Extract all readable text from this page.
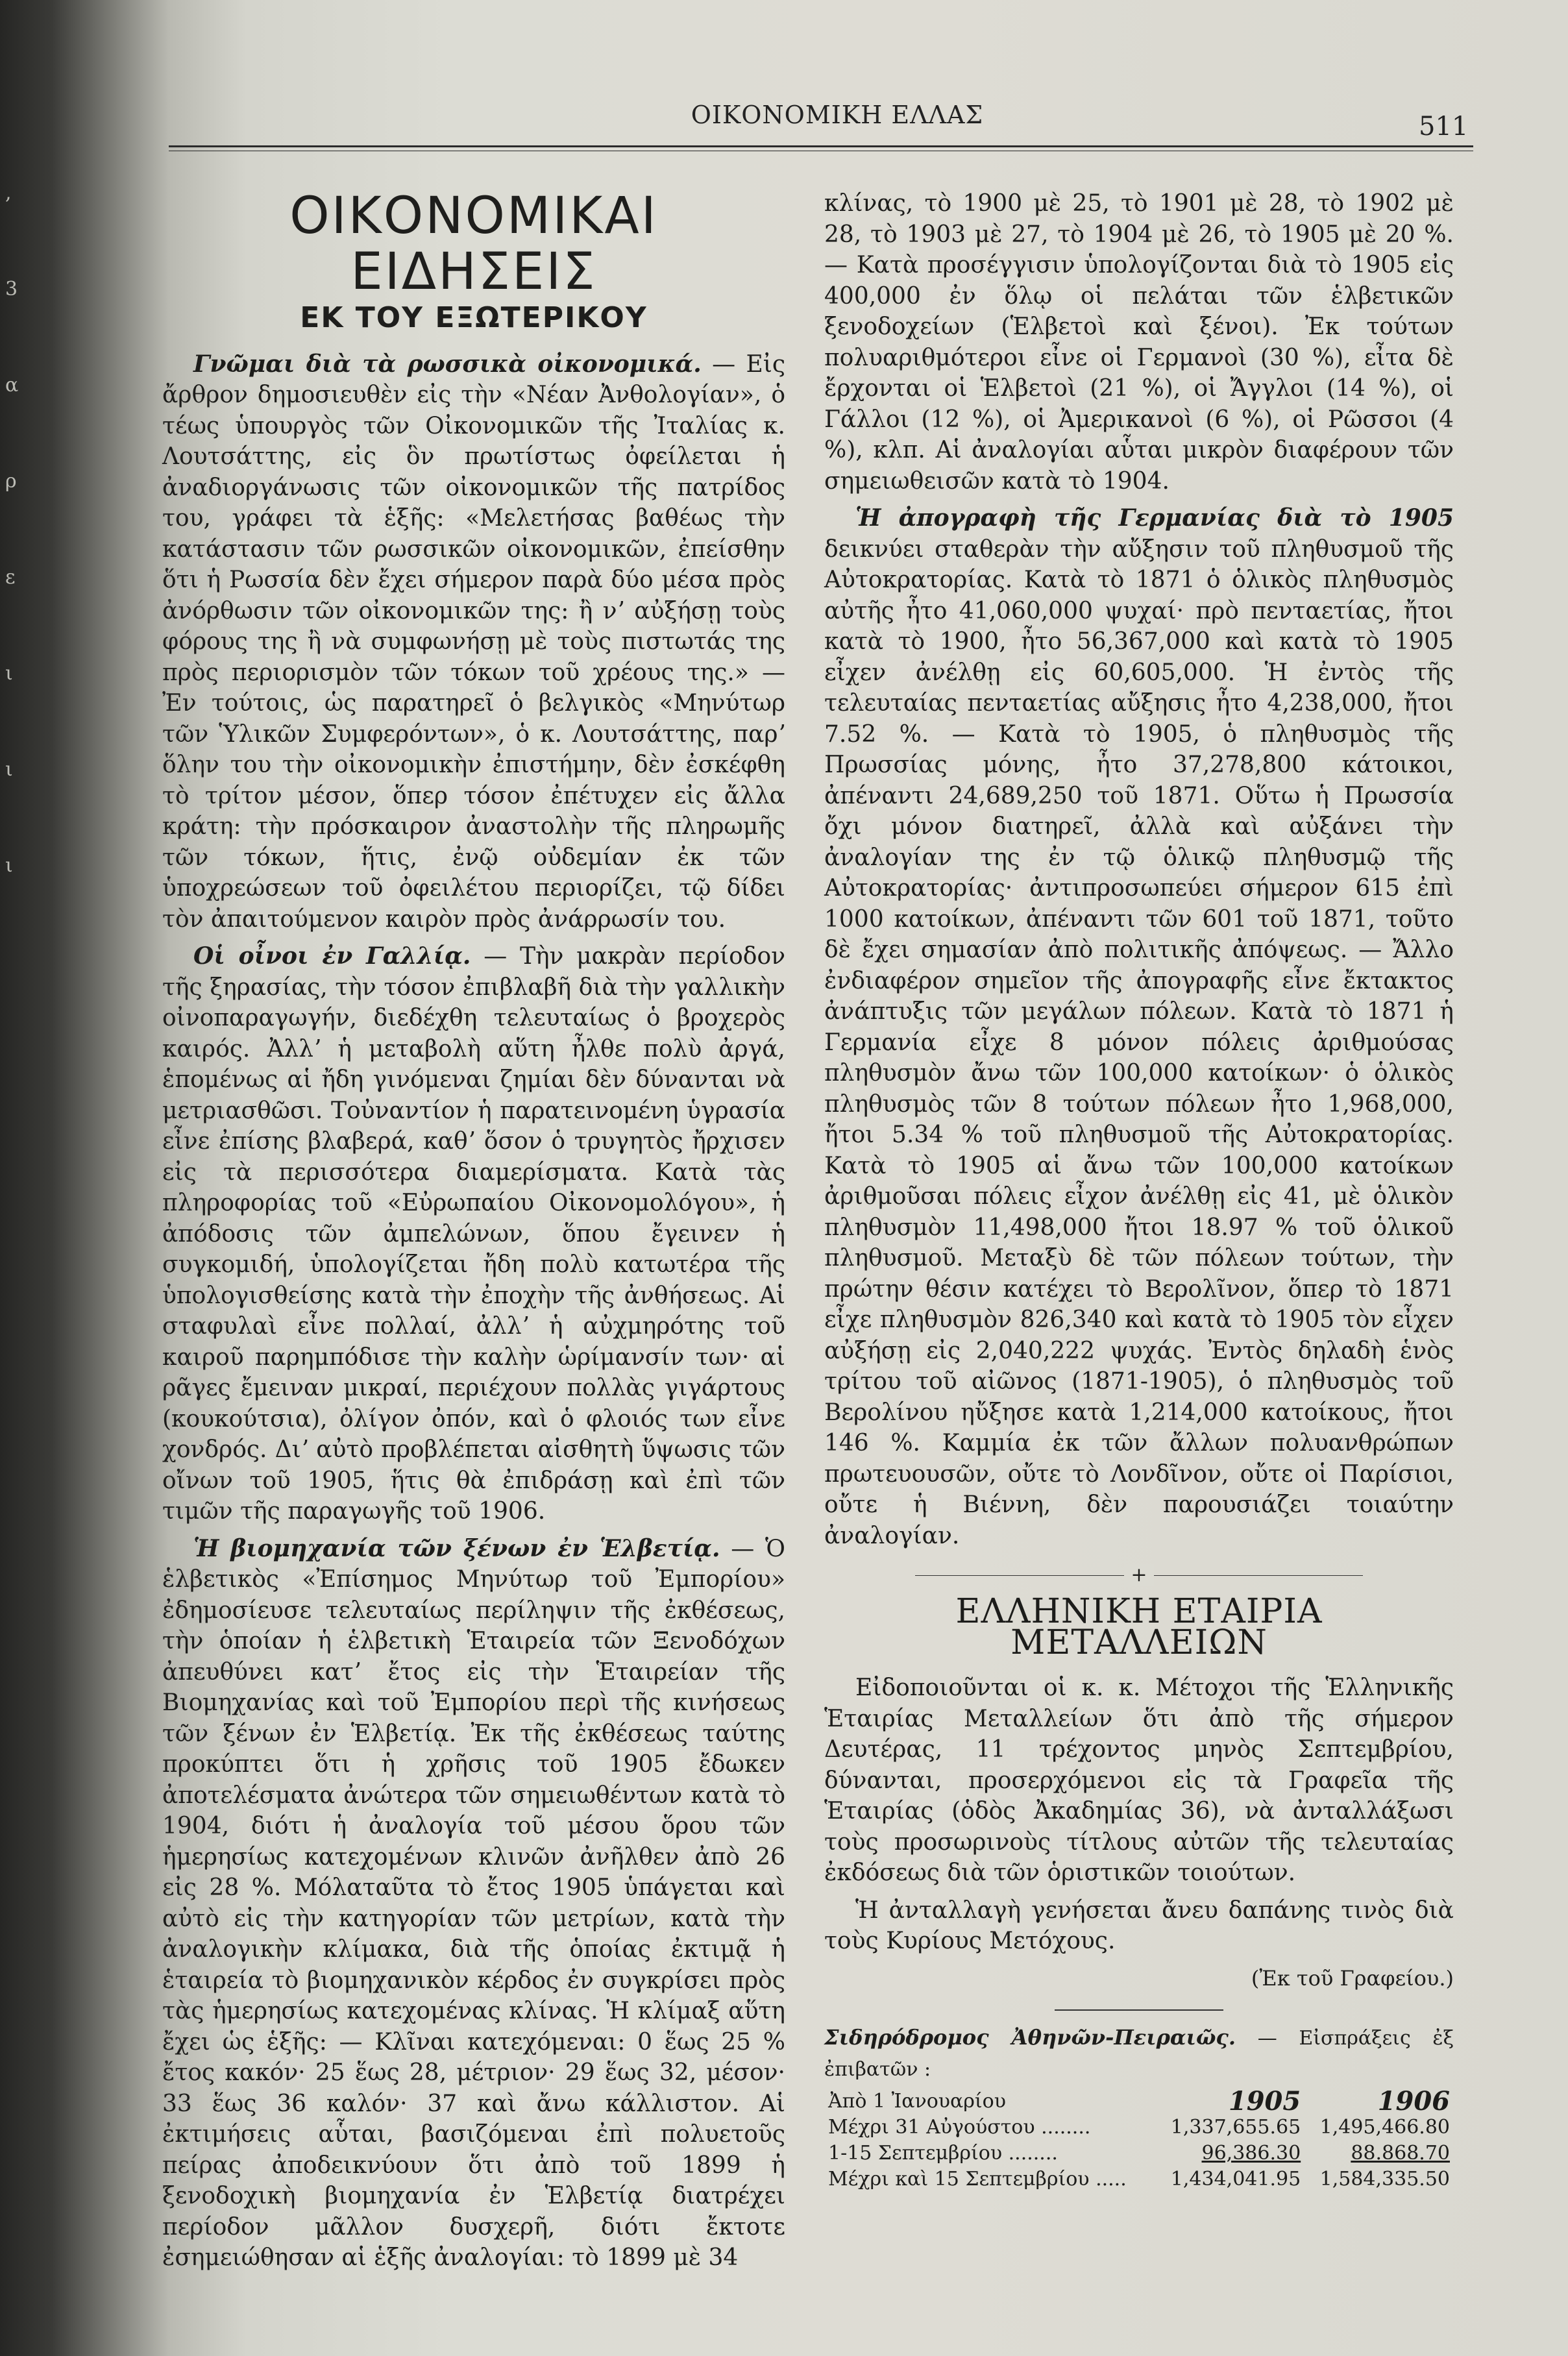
,
3
α
ρ
ε
ι
ι
ι
ΟΙΚΟΝΟΜΙΚΗ ΕΛΛΑΣ	511
ΟΙΚΟΝΟΜΙΚΑΙ ΕΙΔΗΣΕΙΣ
ΕΚ ΤΟΥ ΕΞΩΤΕΡΙΚΟΥ

Γνῶμαι διὰ τὰ ρωσσικὰ οἰκονομικά. — Εἰς ἄρθρον δημοσιευθὲν εἰς τὴν «Νέαν Ἀνθολογίαν», ὁ τέως ὑπουργὸς τῶν Οἰκονομικῶν τῆς Ἰταλίας κ. Λουτσάττης, εἰς ὃν πρωτίστως ὀφείλεται ἡ ἀναδιοργάνωσις τῶν οἰκονομικῶν τῆς πατρίδος του, γράφει τὰ ἑξῆς: «Μελετήσας βαθέως τὴν κατάστασιν τῶν ρωσσικῶν οἰκονομικῶν, ἐπείσθην ὅτι ἡ Ρωσσία δὲν ἔχει σήμερον παρὰ δύο μέσα πρὸς ἀνόρθωσιν τῶν οἰκονομικῶν της: ἢ νʼ αὐξήσῃ τοὺς φόρους της ἢ νὰ συμφωνήσῃ μὲ τοὺς πιστωτάς της πρὸς περιορισμὸν τῶν τόκων τοῦ χρέους της.» — Ἐν τούτοις, ὡς παρατηρεῖ ὁ βελγικὸς «Μηνύτωρ τῶν Ὑλικῶν Συμφερόντων», ὁ κ. Λουτσάττης, παρʼ ὅλην του τὴν οἰκονομικὴν ἐπιστήμην, δὲν ἐσκέφθη τὸ τρίτον μέσον, ὅπερ τόσον ἐπέτυχεν εἰς ἄλλα κράτη: τὴν πρόσκαιρον ἀναστολὴν τῆς πληρωμῆς τῶν τόκων, ἥτις, ἐνῷ οὐδεμίαν ἐκ τῶν ὑποχρεώσεων τοῦ ὀφειλέτου περιορίζει, τῷ δίδει τὸν ἀπαιτούμενον καιρὸν πρὸς ἀνάρρωσίν του.

Οἱ οἶνοι ἐν Γαλλίᾳ. — Τὴν μακρὰν περίοδον τῆς ξηρασίας, τὴν τόσον ἐπιβλαβῆ διὰ τὴν γαλλικὴν οἰνοπαραγωγήν, διεδέχθη τελευταίως ὁ βροχερὸς καιρός. Ἀλλʼ ἡ μεταβολὴ αὕτη ἦλθε πολὺ ἀργά, ἑπομένως αἱ ἤδη γινόμεναι ζημίαι δὲν δύνανται νὰ μετριασθῶσι. Τοὐναντίον ἡ παρατεινομένη ὑγρασία εἶνε ἐπίσης βλαβερά, καθʼ ὅσον ὁ τρυγητὸς ἤρχισεν εἰς τὰ περισσότερα διαμερίσματα. Κατὰ τὰς πληροφορίας τοῦ «Εὐρωπαίου Οἰκονομολόγου», ἡ ἀπόδοσις τῶν ἀμπελώνων, ὅπου ἔγεινεν ἡ συγκομιδή, ὑπολογίζεται ἤδη πολὺ κατωτέρα τῆς ὑπολογισθείσης κατὰ τὴν ἐποχὴν τῆς ἀνθήσεως. Αἱ σταφυλαὶ εἶνε πολλαί, ἀλλʼ ἡ αὐχμηρότης τοῦ καιροῦ παρημπόδισε τὴν καλὴν ὡρίμανσίν των· αἱ ρᾶγες ἔμειναν μικραί, περιέχουν πολλὰς γιγάρτους (κουκούτσια), ὀλίγον ὀπόν, καὶ ὁ φλοιός των εἶνε χονδρός. Διʼ αὐτὸ προβλέπεται αἰσθητὴ ὕψωσις τῶν οἴνων τοῦ 1905, ἥτις θὰ ἐπιδράσῃ καὶ ἐπὶ τῶν τιμῶν τῆς παραγωγῆς τοῦ 1906.

Ἡ βιομηχανία τῶν ξένων ἐν Ἑλβετίᾳ. — Ὁ ἑλβετικὸς «Ἐπίσημος Μηνύτωρ τοῦ Ἐμπορίου» ἐδημοσίευσε τελευταίως περίληψιν τῆς ἐκθέσεως, τὴν ὁποίαν ἡ ἑλβετικὴ Ἑταιρεία τῶν Ξενοδόχων ἀπευθύνει κατʼ ἔτος εἰς τὴν Ἑταιρείαν τῆς Βιομηχανίας καὶ τοῦ Ἐμπορίου περὶ τῆς κινήσεως τῶν ξένων ἐν Ἑλβετίᾳ. Ἐκ τῆς ἐκθέσεως ταύτης προκύπτει ὅτι ἡ χρῆσις τοῦ 1905 ἔδωκεν ἀποτελέσματα ἀνώτερα τῶν σημειωθέντων κατὰ τὸ 1904, διότι ἡ ἀναλογία τοῦ μέσου ὅρου τῶν ἡμερησίως κατεχομένων κλινῶν ἀνῆλθεν ἀπὸ 26 εἰς 28 %. Μόλαταῦτα τὸ ἔτος 1905 ὑπάγεται καὶ αὐτὸ εἰς τὴν κατηγορίαν τῶν μετρίων, κατὰ τὴν ἀναλογικὴν κλίμακα, διὰ τῆς ὁποίας ἐκτιμᾷ ἡ ἑταιρεία τὸ βιομηχανικὸν κέρδος ἐν συγκρίσει πρὸς τὰς ἡμερησίως κατεχομένας κλίνας. Ἡ κλίμαξ αὕτη ἔχει ὡς ἑξῆς: — Κλῖναι κατεχόμεναι: 0 ἕως 25 % ἔτος κακόν· 25 ἕως 28, μέτριον· 29 ἕως 32, μέσον· 33 ἕως 36 καλόν· 37 καὶ ἄνω κάλλιστον. Αἱ ἐκτιμήσεις αὗται, βασιζόμεναι ἐπὶ πολυετοῦς πείρας ἀποδεικνύουν ὅτι ἀπὸ τοῦ 1899 ἡ ξενοδοχικὴ βιομηχανία ἐν Ἑλβετίᾳ διατρέχει περίοδον μᾶλλον δυσχερῆ, διότι ἔκτοτε ἐσημειώθησαν αἱ ἑξῆς ἀναλογίαι: τὸ 1899 μὲ 34

κλίνας, τὸ 1900 μὲ 25, τὸ 1901 μὲ 28, τὸ 1902 μὲ 28, τὸ 1903 μὲ 27, τὸ 1904 μὲ 26, τὸ 1905 μὲ 20 %. — Κατὰ προσέγγισιν ὑπολογίζονται διὰ τὸ 1905 εἰς 400,000 ἐν ὅλῳ οἱ πελάται τῶν ἑλβετικῶν ξενοδοχείων (Ἑλβετοὶ καὶ ξένοι). Ἐκ τούτων πολυαριθμότεροι εἶνε οἱ Γερμανοὶ (30 %), εἶτα δὲ ἔρχονται οἱ Ἑλβετοὶ (21 %), οἱ Ἄγγλοι (14 %), οἱ Γάλλοι (12 %), οἱ Ἀμερικανοὶ (6 %), οἱ Ρῶσσοι (4 %), κλπ. Αἱ ἀναλογίαι αὗται μικρὸν διαφέρουν τῶν σημειωθεισῶν κατὰ τὸ 1904.

Ἡ ἀπογραφὴ τῆς Γερμανίας διὰ τὸ 1905 δεικνύει σταθερὰν τὴν αὔξησιν τοῦ πληθυσμοῦ τῆς Αὐτοκρατορίας. Κατὰ τὸ 1871 ὁ ὁλικὸς πληθυσμὸς αὐτῆς ἦτο 41,060,000 ψυχαί· πρὸ πενταετίας, ἤτοι κατὰ τὸ 1900, ἦτο 56,367,000 καὶ κατὰ τὸ 1905 εἶχεν ἀνέλθῃ εἰς 60,605,000. Ἡ ἐντὸς τῆς τελευταίας πενταετίας αὔξησις ἦτο 4,238,000, ἤτοι 7.52 %. — Κατὰ τὸ 1905, ὁ πληθυσμὸς τῆς Πρωσσίας μόνης, ἦτο 37,278,800 κάτοικοι, ἀπέναντι 24,689,250 τοῦ 1871. Οὕτω ἡ Πρωσσία ὄχι μόνον διατηρεῖ, ἀλλὰ καὶ αὐξάνει τὴν ἀναλογίαν της ἐν τῷ ὁλικῷ πληθυσμῷ τῆς Αὐτοκρατορίας· ἀντιπροσωπεύει σήμερον 615 ἐπὶ 1000 κατοίκων, ἀπέναντι τῶν 601 τοῦ 1871, τοῦτο δὲ ἔχει σημασίαν ἀπὸ πολιτικῆς ἀπόψεως. — Ἄλλο ἐνδιαφέρον σημεῖον τῆς ἀπογραφῆς εἶνε ἔκτακτος ἀνάπτυξις τῶν μεγάλων πόλεων. Κατὰ τὸ 1871 ἡ Γερμανία εἶχε 8 μόνον πόλεις ἀριθμούσας πληθυσμὸν ἄνω τῶν 100,000 κατοίκων· ὁ ὁλικὸς πληθυσμὸς τῶν 8 τούτων πόλεων ἦτο 1,968,000, ἤτοι 5.34 % τοῦ πληθυσμοῦ τῆς Αὐτοκρατορίας. Κατὰ τὸ 1905 αἱ ἄνω τῶν 100,000 κατοίκων ἀριθμοῦσαι πόλεις εἶχον ἀνέλθῃ εἰς 41, μὲ ὁλικὸν πληθυσμὸν 11,498,000 ἤτοι 18.97 % τοῦ ὁλικοῦ πληθυσμοῦ. Μεταξὺ δὲ τῶν πόλεων τούτων, τὴν πρώτην θέσιν κατέχει τὸ Βερολῖνον, ὅπερ τὸ 1871 εἶχε πληθυσμὸν 826,340 καὶ κατὰ τὸ 1905 τὸν εἶχεν αὐξήσῃ εἰς 2,040,222 ψυχάς. Ἐντὸς δηλαδὴ ἑνὸς τρίτου τοῦ αἰῶνος (1871-1905), ὁ πληθυσμὸς τοῦ Βερολίνου ηὔξησε κατὰ 1,214,000 κατοίκους, ἤτοι 146 %. Καμμία ἐκ τῶν ἄλλων πολυανθρώπων πρωτευουσῶν, οὔτε τὸ Λονδῖνον, οὔτε οἱ Παρίσιοι, οὔτε ἡ Βιέννη, δὲν παρουσιάζει τοιαύτην ἀναλογίαν.

+
ΕΛΛΗΝΙΚΗ ΕΤΑΙΡΙΑ ΜΕΤΑΛΛΕΙΩΝ

Εἰδοποιοῦνται οἱ κ. κ. Μέτοχοι τῆς Ἑλληνικῆς Ἑταιρίας Μεταλλείων ὅτι ἀπὸ τῆς σήμερον Δευτέρας, 11 τρέχοντος μηνὸς Σεπτεμβρίου, δύνανται, προσερχόμενοι εἰς τὰ Γραφεῖα τῆς Ἑταιρίας (ὁδὸς Ἀκαδημίας 36), νὰ ἀνταλλάξωσι τοὺς προσωρινοὺς τίτλους αὐτῶν τῆς τελευταίας ἐκδόσεως διὰ τῶν ὁριστικῶν τοιούτων.

Ἡ ἀνταλλαγὴ γενήσεται ἄνευ δαπάνης τινὸς διὰ τοὺς Κυρίους Μετόχους.

(Ἐκ τοῦ Γραφείου.)
Σιδηρόδρομος Ἀθηνῶν-Πειραιῶς. — Εἰσπράξεις ἐξ ἐπιβατῶν :
Ἀπὸ 1 Ἰανουαρίου	1905	1906
Μέχρι 31 Αὐγούστου ........	1,337,655.65	1,495,466.80
1-15 Σεπτεμβρίου ........	96,386.30	88.868.70
Μέχρι καὶ 15 Σεπτεμβρίου .....	1,434,041.95	1,584,335.50
